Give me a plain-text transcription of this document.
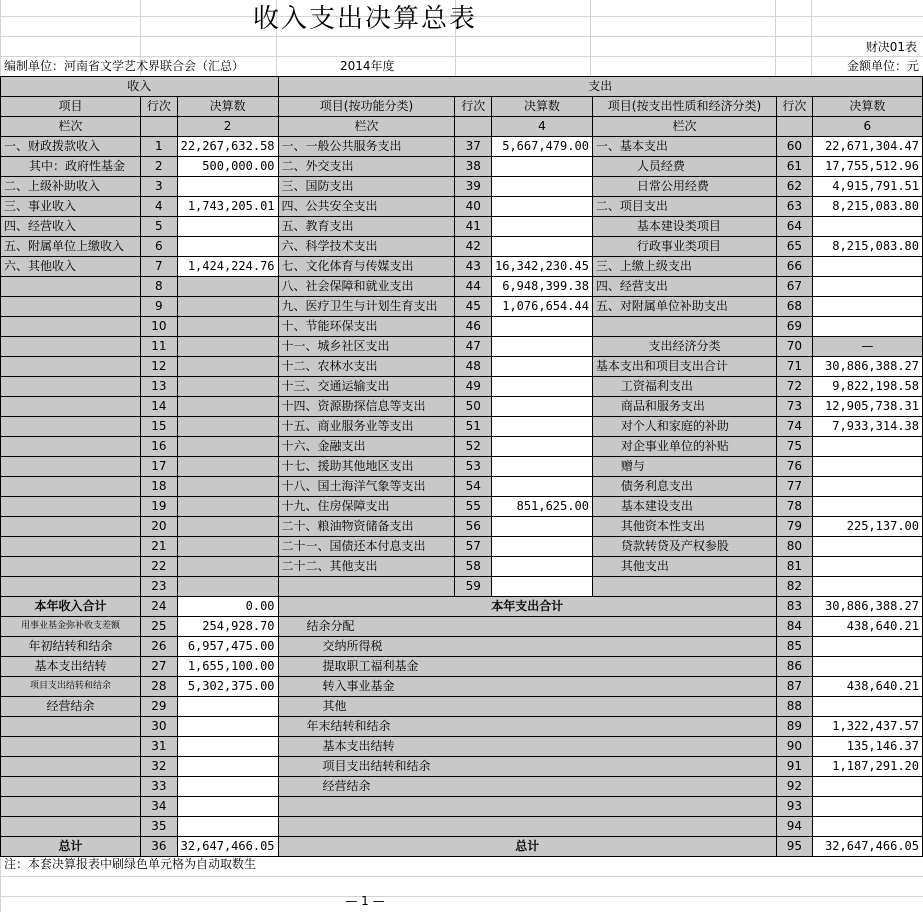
收入支出决算总表
财决01表
编制单位：河南省文学艺术界联合会（汇总）	2014年度	金额单位：元
收入			支出					
项目	行次	决算数	项目(按功能分类)	行次	决算数	项目(按支出性质和经济分类)	行次	决算数
栏次		2	栏次		4	栏次		6
一、财政拨款收入	1	22,267,632.58	一、一般公共服务支出	37	5,667,479.00	一、基本支出	60	22,671,304.47
其中：政府性基金	2	500,000.00	二、外交支出	38		人员经费	61	17,755,512.96
二、上级补助收入	3		三、国防支出	39		日常公用经费	62	4,915,791.51
三、事业收入	4	1,743,205.01	四、公共安全支出	40		二、项目支出	63	8,215,083.80
四、经营收入	5		五、教育支出	41		基本建设类项目	64	
五、附属单位上缴收入	6		六、科学技术支出	42		行政事业类项目	65	8,215,083.80
六、其他收入	7	1,424,224.76	七、文化体育与传媒支出	43	16,342,230.45	三、上缴上级支出	66	
	8		八、社会保障和就业支出	44	6,948,399.38	四、经营支出	67	
	9		九、医疗卫生与计划生育支出	45	1,076,654.44	五、对附属单位补助支出	68	
	10		十、节能环保支出	46			69	
	11		十一、城乡社区支出	47		支出经济分类	70	—
	12		十二、农林水支出	48		基本支出和项目支出合计	71	30,886,388.27
	13		十三、交通运输支出	49		工资福利支出	72	9,822,198.58
	14		十四、资源勘探信息等支出	50		商品和服务支出	73	12,905,738.31
	15		十五、商业服务业等支出	51		对个人和家庭的补助	74	7,933,314.38
	16		十六、金融支出	52		对企事业单位的补贴	75	
	17		十七、援助其他地区支出	53		赠与	76	
	18		十八、国土海洋气象等支出	54		债务利息支出	77	
	19		十九、住房保障支出	55	851,625.00	基本建设支出	78	
	20		二十、粮油物资储备支出	56		其他资本性支出	79	225,137.00
	21		二十一、国债还本付息支出	57		贷款转贷及产权参股	80	
	22		二十二、其他支出	58		其他支出	81	
	23			59			82	
本年收入合计	24	0.00	本年支出合计				83	30,886,388.27
用事业基金弥补收支差额	25	254,928.70	结余分配				84	438,640.21
年初结转和结余	26	6,957,475.00	交纳所得税				85	
基本支出结转	27	1,655,100.00	提取职工福利基金				86	
项目支出结转和结余	28	5,302,375.00	转入事业基金				87	438,640.21
经营结余	29		其他				88	
	30		年末结转和结余				89	1,322,437.57
	31		基本支出结转				90	135,146.37
	32		项目支出结转和结余				91	1,187,291.20
	33		经营结余				92	
	34						93	
	35						94	
总计	36	32,647,466.05	总计				95	32,647,466.05
注：本套决算报表中刷绿色单元格为自动取数生
— 1 —
